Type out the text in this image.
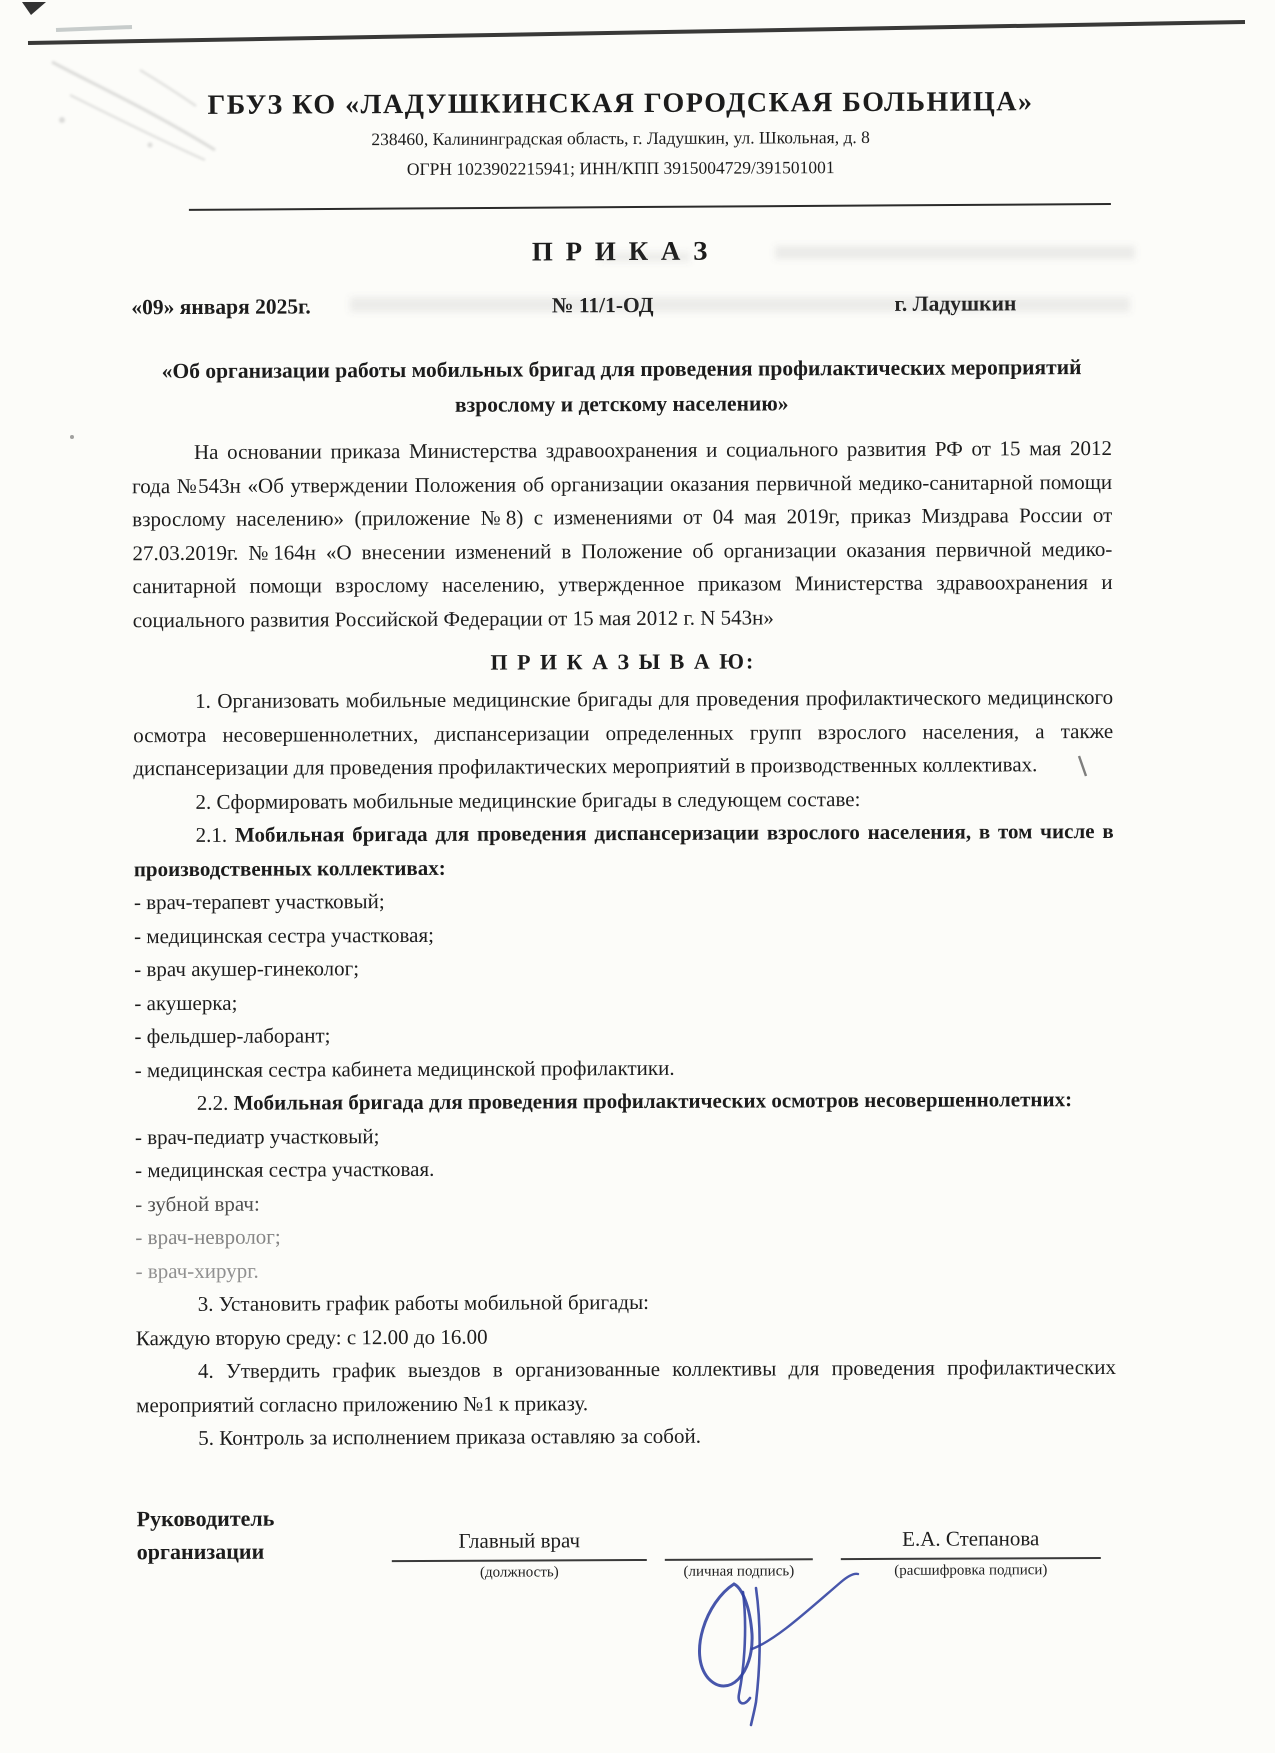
ГБУЗ КО «ЛАДУШКИНСКАЯ ГОРОДСКАЯ БОЛЬНИЦА»
238460, Калининградская область, г. Ладушкин, ул. Школьная, д. 8
ОГРН 1023902215941; ИНН/КПП 3915004729/391501001
П Р И К А З
«09» января 2025г.	№ 11/1-ОД	г. Ладушкин
«Об организации работы мобильных бригад для проведения профилактических мероприятий взрослому и детскому населению»

На основании приказа Министерства здравоохранения и социального развития РФ от 15 мая 2012 года №543н «Об утверждении Положения об организации оказания первичной медико-санитарной помощи взрослому населению» (приложение №8) с изменениями от 04 мая 2019г, приказ Миздрава России от 27.03.2019г. №164н «О внесении изменений в Положение об организации оказания первичной медико-санитарной помощи взрослому населению, утвержденное приказом Министерства здравоохранения и социального развития Российской Федерации от 15 мая 2012 г. N 543н»

П Р И К А З Ы В А Ю:

1. Организовать мобильные медицинские бригады для проведения профилактического медицинского осмотра несовершеннолетних, диспансеризации определенных групп взрослого населения, а также диспансеризации для проведения профилактических мероприятий в производственных коллективах.

2. Сформировать мобильные медицинские бригады в следующем составе:

2.1. Мобильная бригада для проведения диспансеризации взрослого населения, в том числе в производственных коллективах:

- врач-терапевт участковый;
- медицинская сестра участковая;
- врач акушер-гинеколог;
- акушерка;
- фельдшер-лаборант;
- медицинская сестра кабинета медицинской профилактики.

2.2. Мобильная бригада для проведения профилактических осмотров несовершеннолетних:

- врач-педиатр участковый;
- медицинская сестра участковая.
- зубной врач:
- врач-невролог;
- врач-хирург.

3. Установить график работы мобильной бригады:

Каждую вторую среду: с 12.00 до 16.00

4. Утвердить график выездов в организованные коллективы для проведения профилактических мероприятий согласно приложению №1 к приказу.

5. Контроль за исполнением приказа оставляю за собой.

Руководитель
организации	Главный врач
(должность)
	(личная подпись)
Е.А. Степанова
(расшифровка подписи)
